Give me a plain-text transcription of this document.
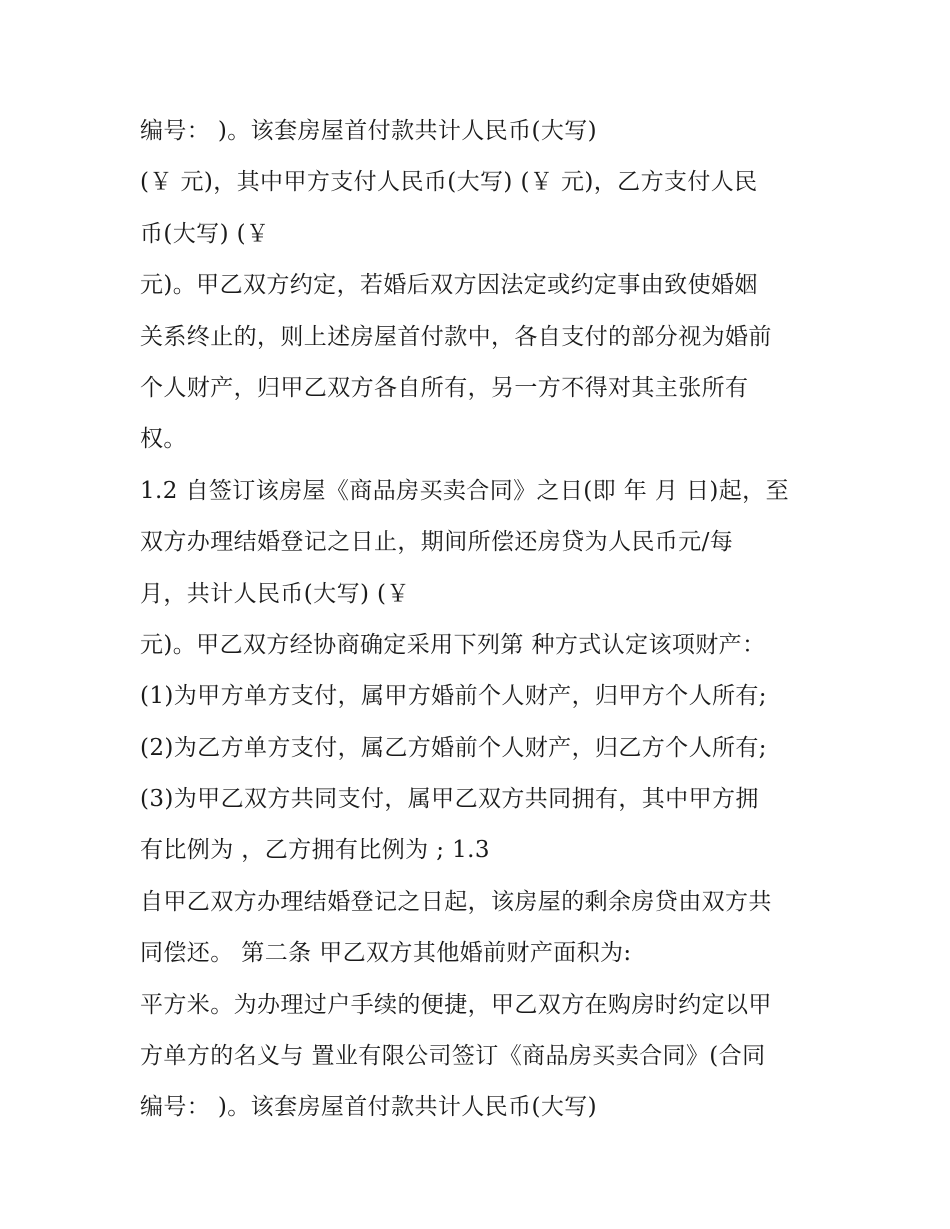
编号： )。该套房屋首付款共计人民币(大写)
(￥ 元)，其中甲方支付人民币(大写) (￥ 元)，乙方支付人民
币(大写) (￥
元)。甲乙双方约定，若婚后双方因法定或约定事由致使婚姻
关系终止的，则上述房屋首付款中，各自支付的部分视为婚前
个人财产，归甲乙双方各自所有，另一方不得对其主张所有
权。
1.2 自签订该房屋《商品房买卖合同》之日(即 年 月 日)起，至
双方办理结婚登记之日止，期间所偿还房贷为人民币元/每
月，共计人民币(大写) (￥
元)。甲乙双方经协商确定采用下列第 种方式认定该项财产：
(1)为甲方单方支付，属甲方婚前个人财产，归甲方个人所有;
(2)为乙方单方支付，属乙方婚前个人财产，归乙方个人所有;
(3)为甲乙双方共同支付，属甲乙双方共同拥有，其中甲方拥
有比例为 ，乙方拥有比例为 ; 1.3
自甲乙双方办理结婚登记之日起，该房屋的剩余房贷由双方共
同偿还。 第二条 甲乙双方其他婚前财产面积为:
平方米。为办理过户手续的便捷，甲乙双方在购房时约定以甲
方单方的名义与 置业有限公司签订《商品房买卖合同》(合同
编号： )。该套房屋首付款共计人民币(大写)
